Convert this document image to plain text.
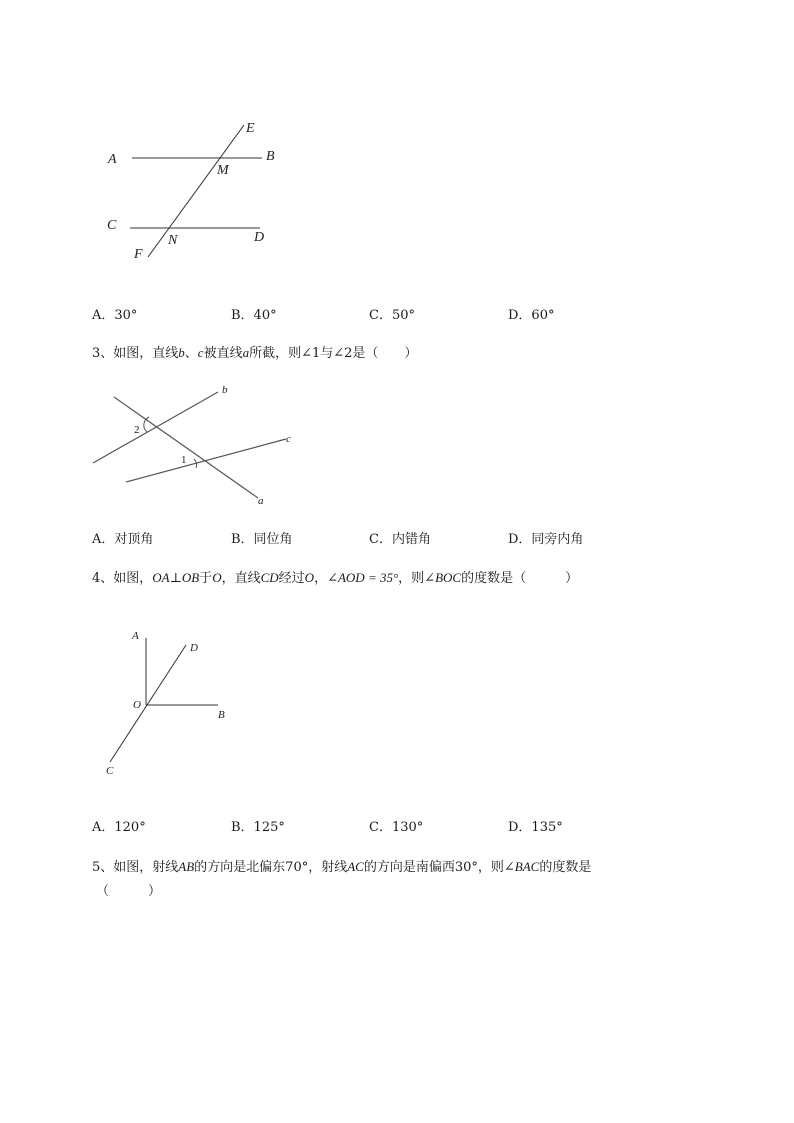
A	B
E
M
C
N	D
F
A．30°	B．40°	C．50°	D．60°
3、如图，直线b、c被直线a所截，则∠1与∠2是（　　）
2
1
b
c
a
A．对顶角	B．同位角	C．内错角	D．同旁内角
4、如图，OA⊥OB于O，直线CD经过O，∠AOD = 35°，则∠BOC的度数是（　　　）
A
D
O
B
C
A．120°	B．125°	C．130°	D．135°
5、如图，射线AB的方向是北偏东70°，射线AC的方向是南偏西30°，则∠BAC的度数是
（　　　）
